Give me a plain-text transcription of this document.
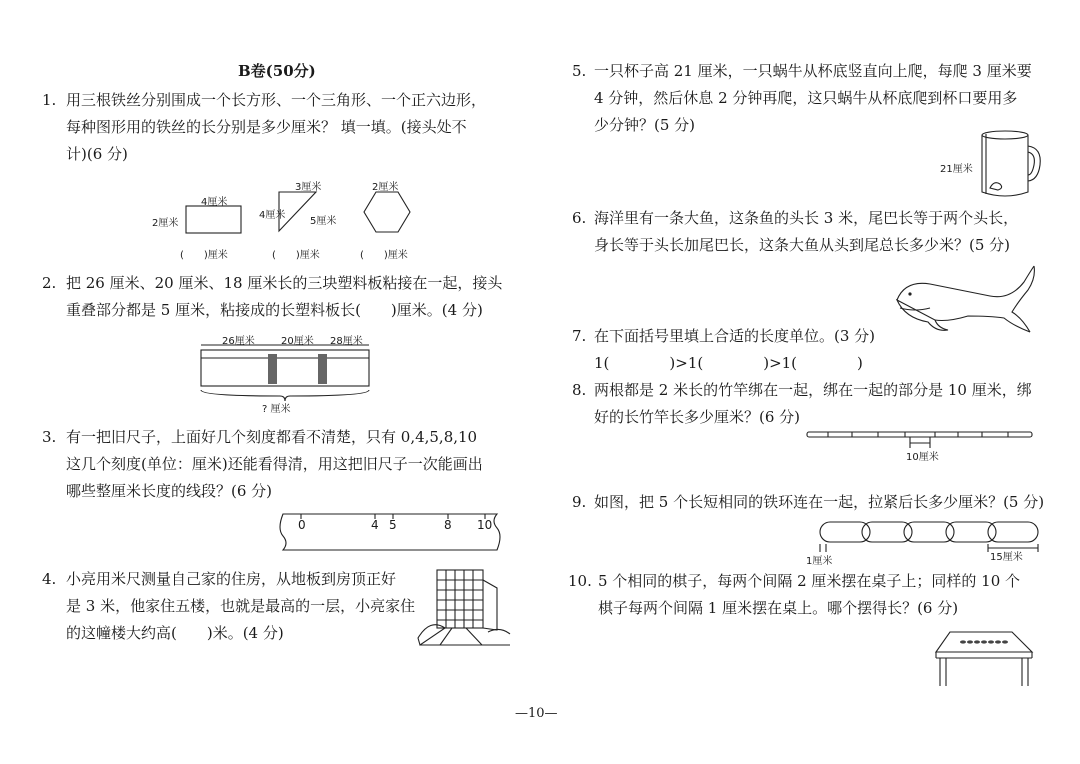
B卷(50分)
1. 用三根铁丝分别围成一个长方形、一个三角形、一个正六边形，
每种图形用的铁丝的长分别是多少厘米？ 填一填。(接头处不
计)(6 分)
4厘米
2厘米
3厘米
4厘米
5厘米
2厘米
(　　)厘米	(　　)厘米	(　　)厘米
2. 把 26 厘米、20 厘米、18 厘米长的三块塑料板粘接在一起，接头
重叠部分都是 5 厘米，粘接成的长塑料板长(　　)厘米。(4 分)
26厘米	20厘米 28厘米
? 厘米
3. 有一把旧尺子，上面好几个刻度都看不清楚，只有 0,4,5,8,10
这几个刻度(单位：厘米)还能看得清，用这把旧尺子一次能画出
哪些整厘米长度的线段？(6 分)
0	4 5	8 10
4. 小亮用米尺测量自己家的住房，从地板到房顶正好
是 3 米，他家住五楼，也就是最高的一层，小亮家住
的这幢楼大约高(　　)米。(4 分)
5. 一只杯子高 21 厘米，一只蜗牛从杯底竖直向上爬，每爬 3 厘米要
4 分钟，然后休息 2 分钟再爬，这只蜗牛从杯底爬到杯口要用多
少分钟？(5 分)
21厘米
6. 海洋里有一条大鱼，这条鱼的头长 3 米，尾巴长等于两个头长，
身长等于头长加尾巴长，这条大鱼从头到尾总长多少米？(5 分)
7. 在下面括号里填上合适的长度单位。(3 分)
1(　　　　)>1(　　　　)>1(　　　　)
8. 两根都是 2 米长的竹竿绑在一起，绑在一起的部分是 10 厘米，绑
好的长竹竿长多少厘米？(6 分)
10厘米
9. 如图，把 5 个长短相同的铁环连在一起，拉紧后长多少厘米？(5 分)
1厘米	15厘米
10. 5 个相同的棋子，每两个间隔 2 厘米摆在桌子上；同样的 10 个
棋子每两个间隔 1 厘米摆在桌上。哪个摆得长？(6 分)
—10—
